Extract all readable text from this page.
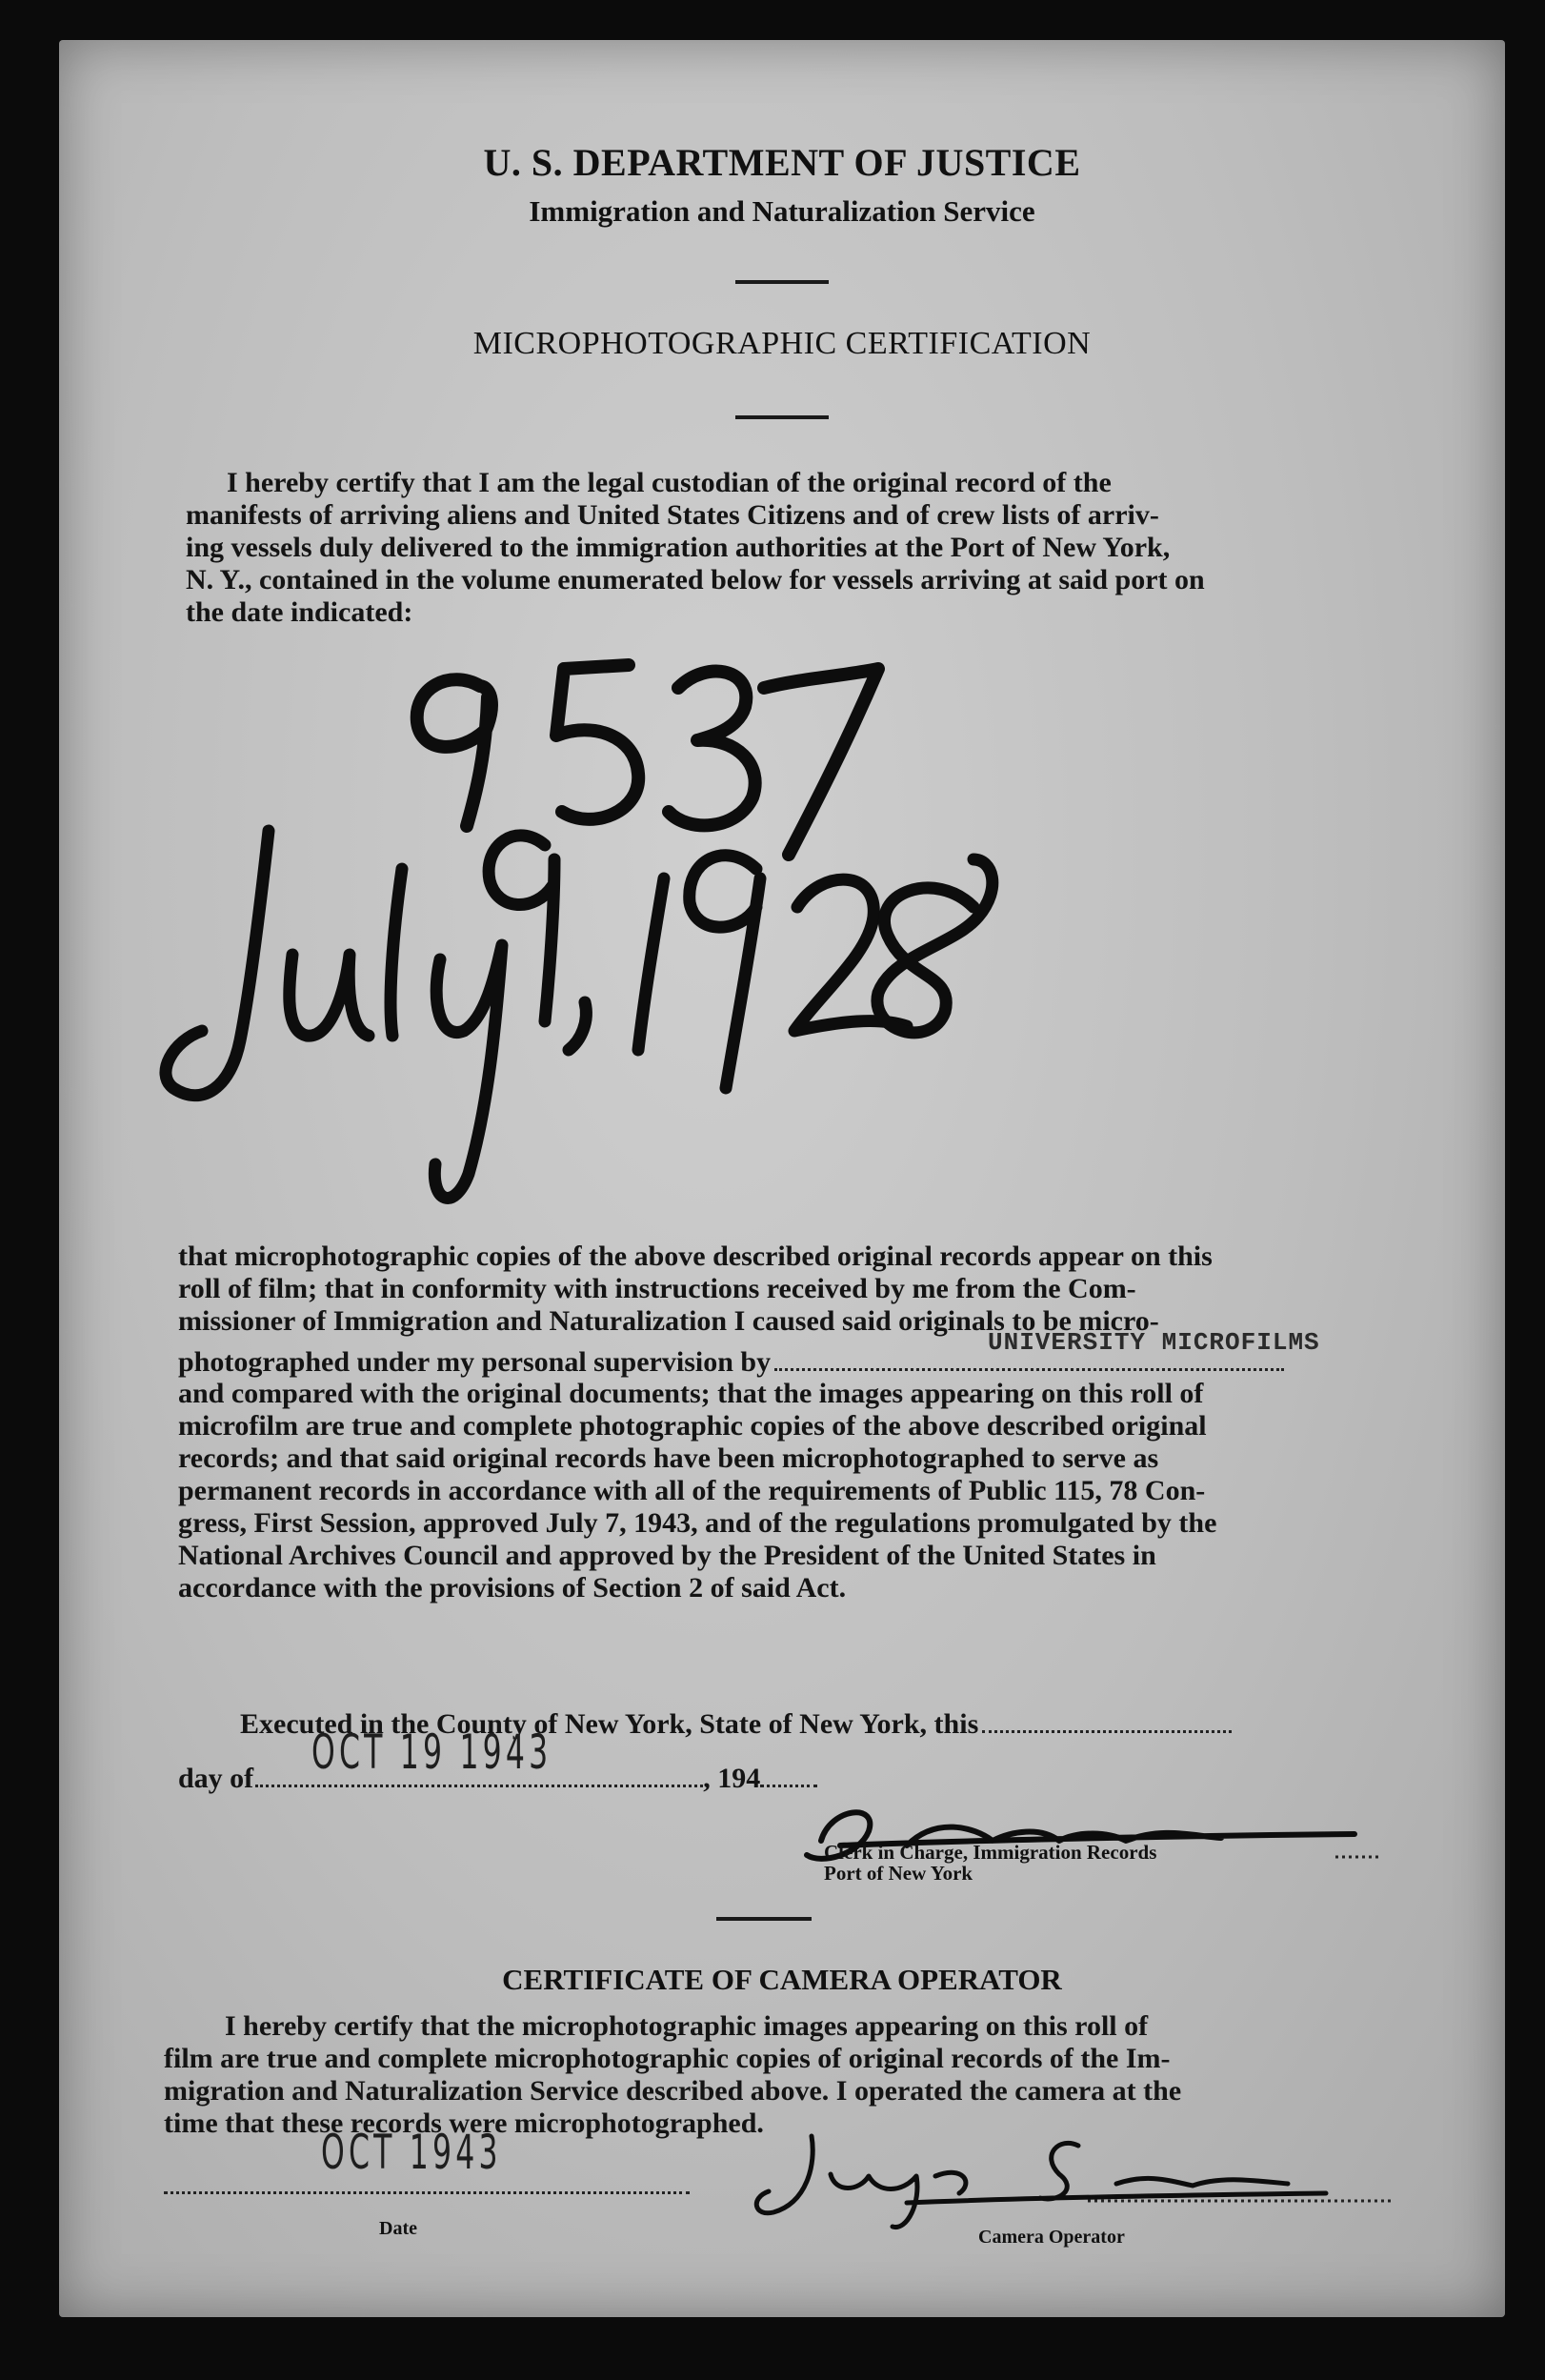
U. S. DEPARTMENT OF JUSTICE
Immigration and Naturalization Service
MICROPHOTOGRAPHIC CERTIFICATION

I hereby certify that I am the legal custodian of the original record of the

manifests of arriving aliens and United States Citizens and of crew lists of arriv-

ing vessels duly delivered to the immigration authorities at the Port of New York,

N. Y., contained in the volume enumerated below for vessels arriving at said port on

the date indicated:

that microphotographic copies of the above described original records appear on this

roll of film; that in conformity with instructions received by me from the Com-

missioner of Immigration and Naturalization I caused said originals to be micro-

photographed under my personal supervision by
UNIVERSITY MICROFILMS

and compared with the original documents; that the images appearing on this roll of

microfilm are true and complete photographic copies of the above described original

records; and that said original records have been microphotographed to serve as

permanent records in accordance with all of the requirements of Public 115, 78 Con-

gress, First Session, approved July 7, 1943, and of the regulations promulgated by the

National Archives Council and approved by the President of the United States in

accordance with the provisions of Section 2 of said Act.

Executed in the County of New York, State of New York, this
day of	, 194
OCT 19 1943
Clerk in Charge, Immigration Records
Port of New York
CERTIFICATE OF CAMERA OPERATOR

I hereby certify that the microphotographic images appearing on this roll of

film are true and complete microphotographic copies of original records of the Im-

migration and Naturalization Service described above. I operated the camera at the

time that these records were microphotographed.

OCT 1943
Date	Camera Operator
